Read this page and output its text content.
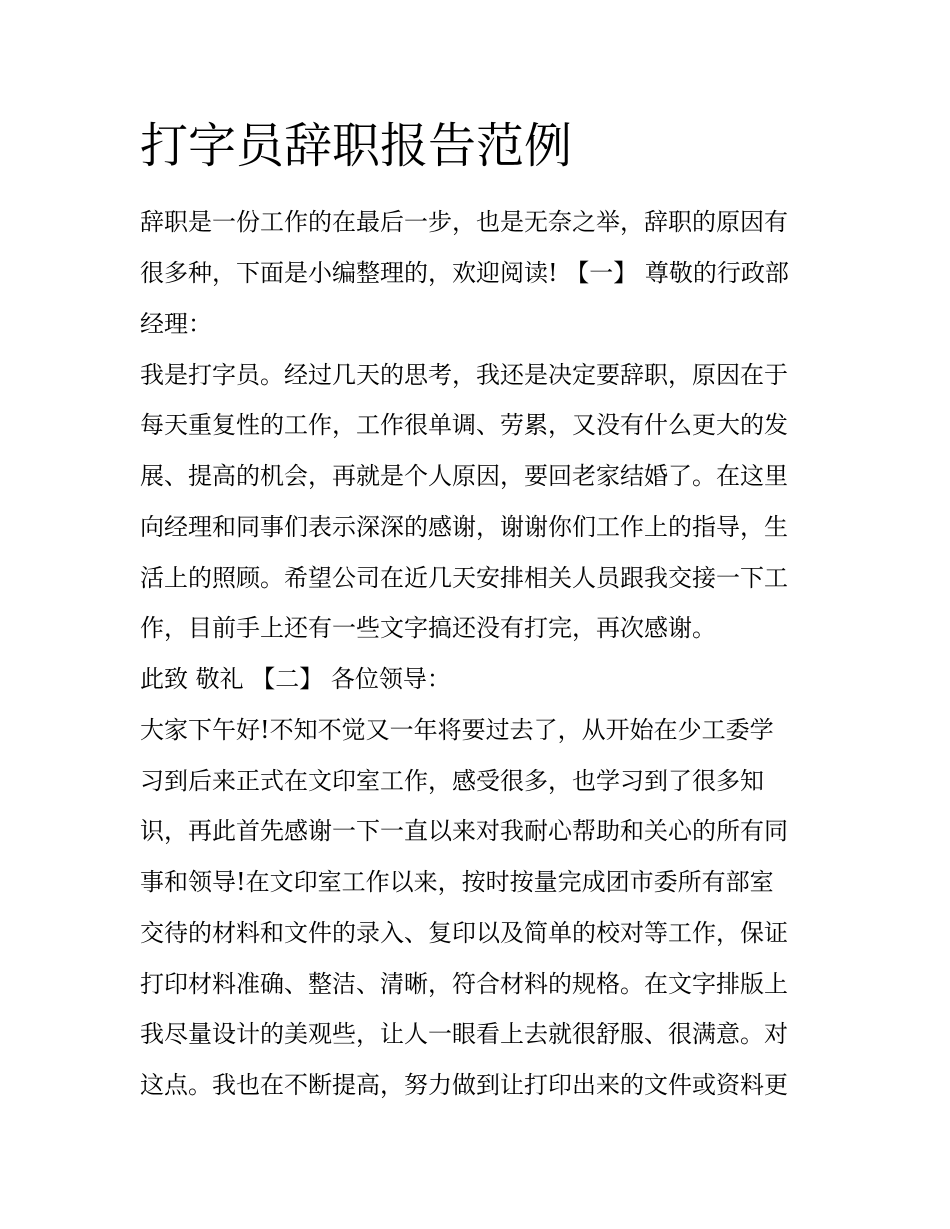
打字员辞职报告范例

辞职是一份工作的在最后一步，也是无奈之举，辞职的原因有

很多种，下面是小编整理的，欢迎阅读! 【一】 尊敬的行政部

经理：

我是打字员。经过几天的思考，我还是决定要辞职，原因在于

每天重复性的工作，工作很单调、劳累，又没有什么更大的发

展、提高的机会，再就是个人原因，要回老家结婚了。在这里

向经理和同事们表示深深的感谢，谢谢你们工作上的指导，生

活上的照顾。希望公司在近几天安排相关人员跟我交接一下工

作，目前手上还有一些文字搞还没有打完，再次感谢。

此致 敬礼 【二】 各位领导：

大家下午好!不知不觉又一年将要过去了，从开始在少工委学

习到后来正式在文印室工作，感受很多，也学习到了很多知

识，再此首先感谢一下一直以来对我耐心帮助和关心的所有同

事和领导!在文印室工作以来，按时按量完成团市委所有部室

交待的材料和文件的录入、复印以及简单的校对等工作，保证

打印材料准确、整洁、清晰，符合材料的规格。在文字排版上

我尽量设计的美观些，让人一眼看上去就很舒服、很满意。对

这点。我也在不断提高，努力做到让打印出来的文件或资料更
